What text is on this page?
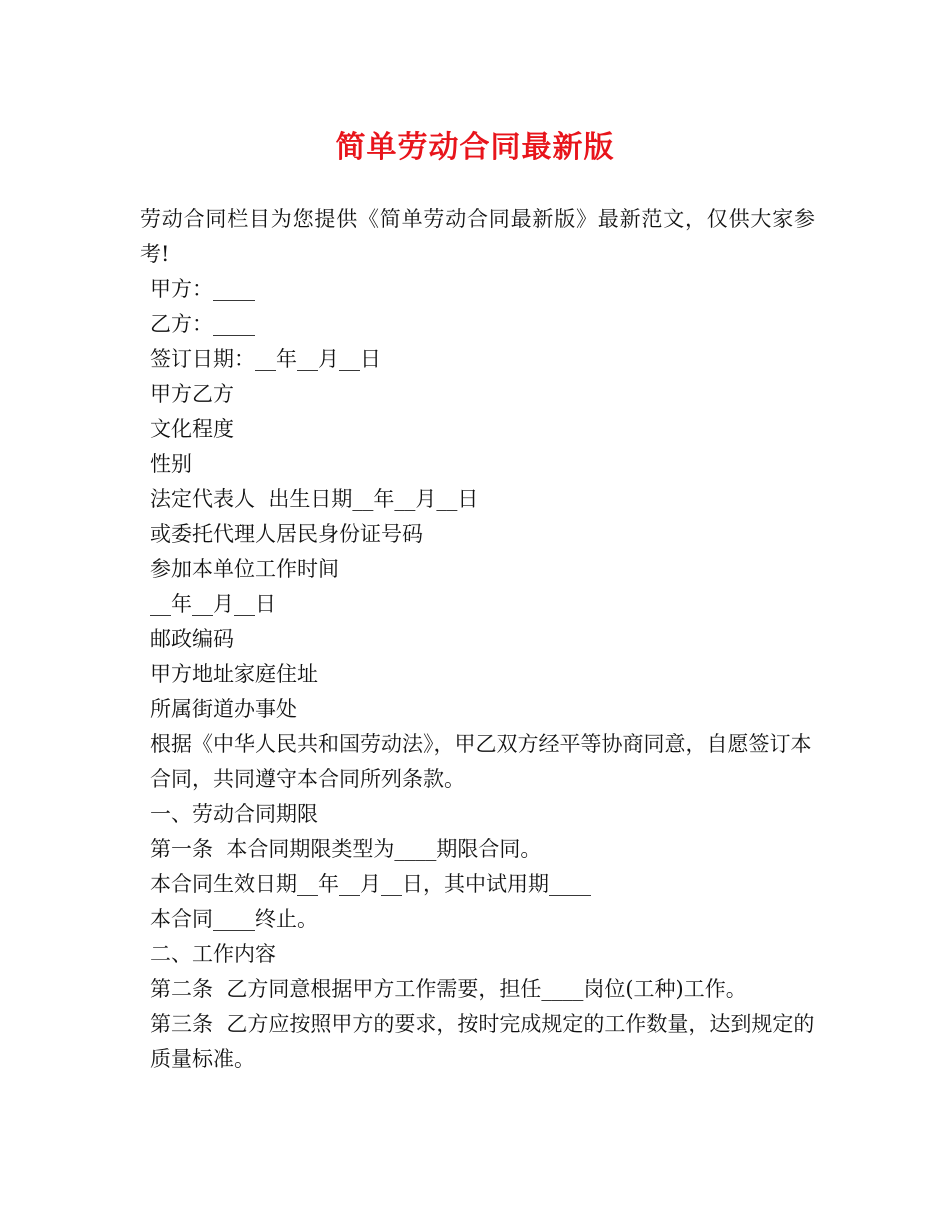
简单劳动合同最新版

劳动合同栏目为您提供《简单劳动合同最新版》最新范文，仅供大家参考!

甲方：____

乙方：____

签订日期：__年__月__日

甲方乙方

文化程度

性别

法定代表人  出生日期__年__月__日

或委托代理人居民身份证号码

参加本单位工作时间

__年__月__日

邮政编码

甲方地址家庭住址

所属街道办事处

根据《中华人民共和国劳动法》，甲乙双方经平等协商同意，自愿签订本合同，共同遵守本合同所列条款。

一、劳动合同期限

第一条  本合同期限类型为____期限合同。

本合同生效日期__年__月__日，其中试用期____

本合同____终止。

二、工作内容

第二条  乙方同意根据甲方工作需要，担任____岗位(工种)工作。

第三条  乙方应按照甲方的要求，按时完成规定的工作数量，达到规定的质量标准。
